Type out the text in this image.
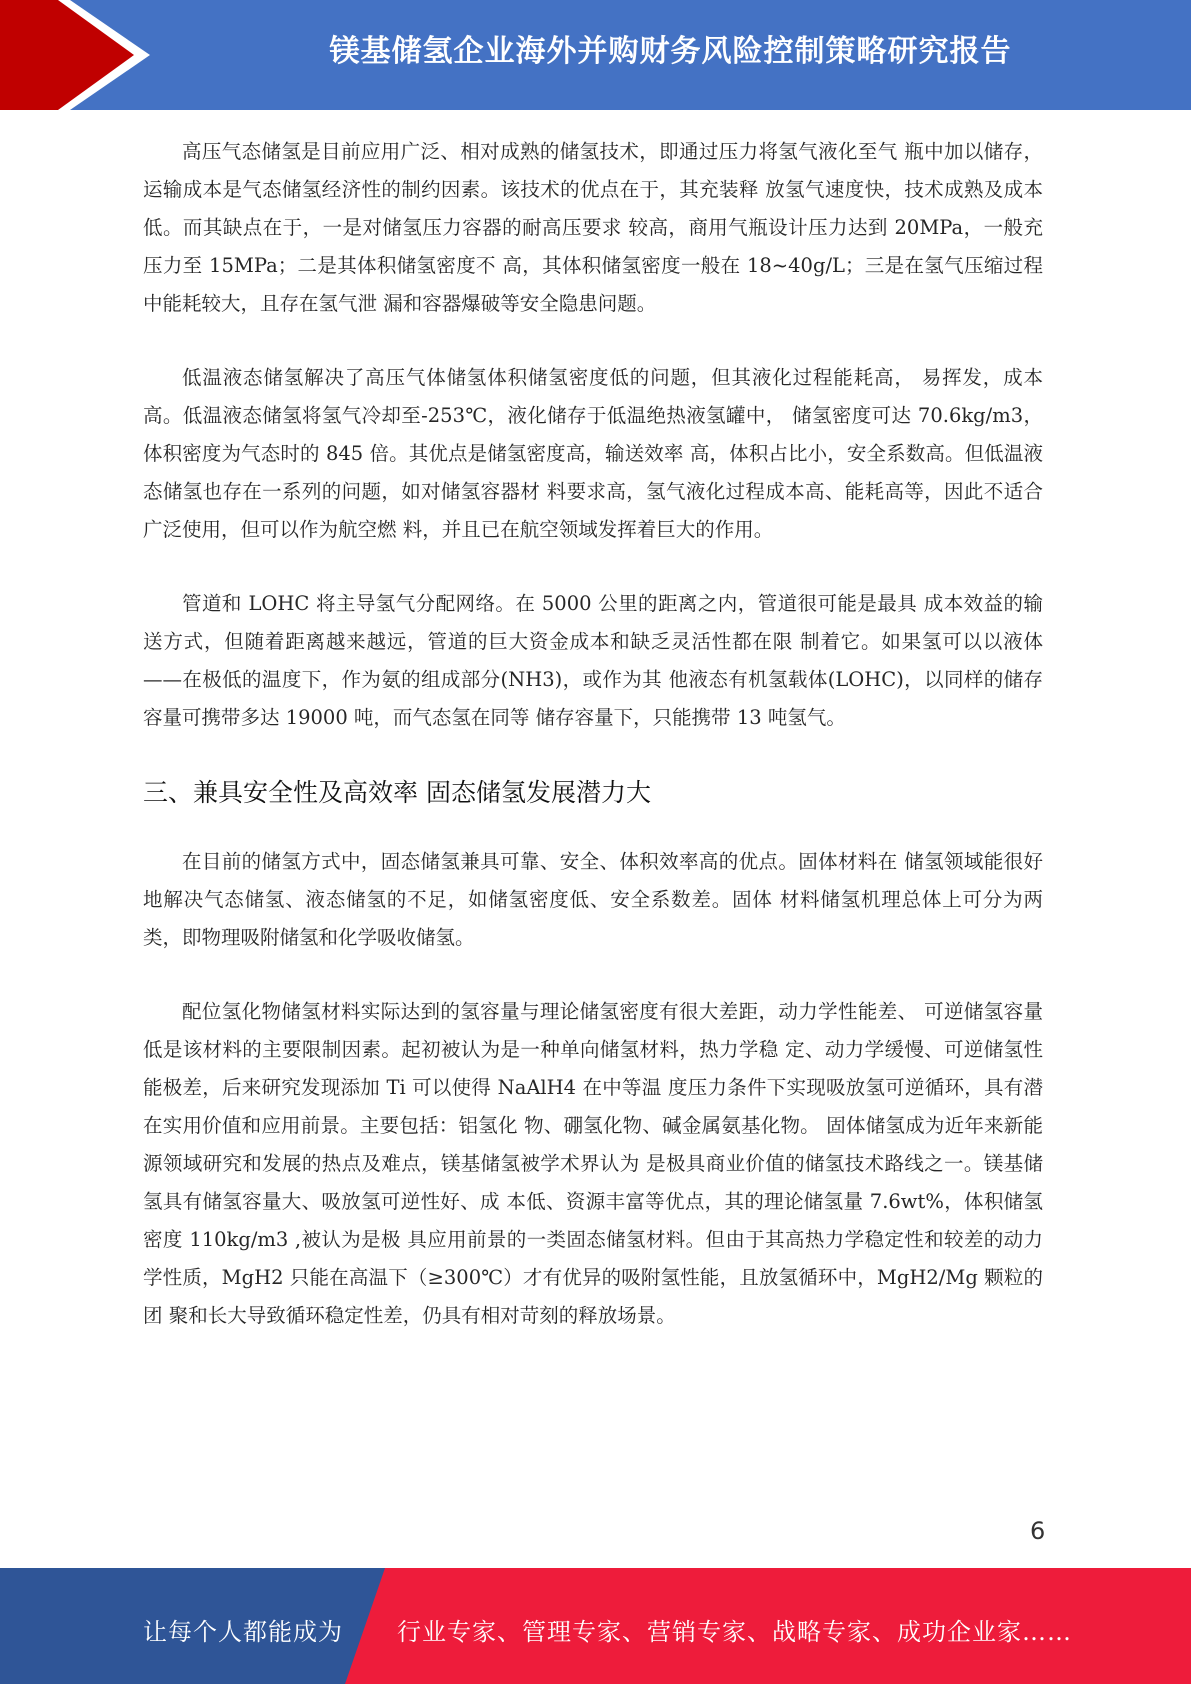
镁基储氢企业海外并购财务风险控制策略研究报告

高压气态储氢是目前应用广泛、相对成熟的储氢技术，即通过压力将氢气液化至气 瓶中加以储存，运输成本是气态储氢经济性的制约因素。该技术的优点在于，其充装释 放氢气速度快，技术成熟及成本低。而其缺点在于，一是对储氢压力容器的耐高压要求 较高，商用气瓶设计压力达到 20MPa，一般充压力至 15MPa；二是其体积储氢密度不 高，其体积储氢密度一般在 18~40g/L；三是在氢气压缩过程中能耗较大，且存在氢气泄 漏和容器爆破等安全隐患问题。

低温液态储氢解决了高压气体储氢体积储氢密度低的问题，但其液化过程能耗高， 易挥发，成本高。低温液态储氢将氢气冷却至-253℃，液化储存于低温绝热液氢罐中， 储氢密度可达 70.6kg/m3，体积密度为气态时的 845 倍。其优点是储氢密度高，输送效率 高，体积占比小，安全系数高。但低温液态储氢也存在一系列的问题，如对储氢容器材 料要求高，氢气液化过程成本高、能耗高等，因此不适合广泛使用，但可以作为航空燃 料，并且已在航空领域发挥着巨大的作用。

管道和 LOHC 将主导氢气分配网络。在 5000 公里的距离之内，管道很可能是最具 成本效益的输送方式，但随着距离越来越远，管道的巨大资金成本和缺乏灵活性都在限 制着它。如果氢可以以液体——在极低的温度下，作为氨的组成部分(NH3)，或作为其 他液态有机氢载体(LOHC)，以同样的储存容量可携带多达 19000 吨，而气态氢在同等 储存容量下，只能携带 13 吨氢气。

三、兼具安全性及高效率 固态储氢发展潜力大

在目前的储氢方式中，固态储氢兼具可靠、安全、体积效率高的优点。固体材料在 储氢领域能很好地解决气态储氢、液态储氢的不足，如储氢密度低、安全系数差。固体 材料储氢机理总体上可分为两类，即物理吸附储氢和化学吸收储氢。

配位氢化物储氢材料实际达到的氢容量与理论储氢密度有很大差距，动力学性能差、 可逆储氢容量低是该材料的主要限制因素。起初被认为是一种单向储氢材料，热力学稳 定、动力学缓慢、可逆储氢性能极差，后来研究发现添加 Ti 可以使得 NaAlH4 在中等温 度压力条件下实现吸放氢可逆循环，具有潜在实用价值和应用前景。主要包括：铝氢化 物、硼氢化物、碱金属氨基化物。 固体储氢成为近年来新能源领域研究和发展的热点及难点，镁基储氢被学术界认为 是极具商业价值的储氢技术路线之一。镁基储氢具有储氢容量大、吸放氢可逆性好、成 本低、资源丰富等优点，其的理论储氢量 7.6wt%，体积储氢密度 110kg/m3 ,被认为是极 具应用前景的一类固态储氢材料。但由于其高热力学稳定性和较差的动力学性质，MgH2 只能在高温下（≥300℃）才有优异的吸附氢性能，且放氢循环中，MgH2/Mg 颗粒的团 聚和长大导致循环稳定性差，仍具有相对苛刻的释放场景。

6
让每个人都能成为 行业专家、管理专家、营销专家、战略专家、成功企业家……
